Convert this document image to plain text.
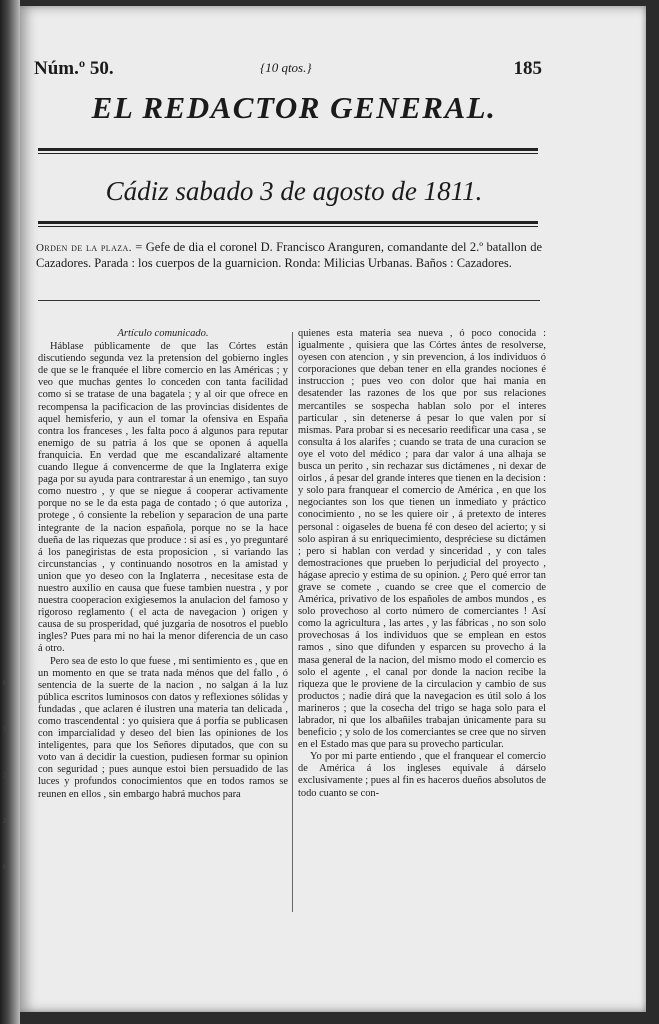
Núm.º 50.	{10 qtos.}	185
EL REDACTOR GENERAL.
Cádiz sabado 3 de agosto de 1811.
Orden de la plaza. = Gefe de dia el coronel D. Francisco Aranguren, comandante del 2.º batallon de Cazadores. Parada : los cuerpos de la guarnicion. Ronda: Milicias Urbanas. Baños : Cazadores.
Artículo comunicado.

Háblase públicamente de que las Córtes están discutiendo segunda vez la pretension del gobierno ingles de que se le franquée el libre comercio en las Américas ; y veo que muchas gentes lo conceden con tanta facilidad como si se tratase de una bagatela ; y al oir que ofrece en recompensa la pacificacion de las provincias disidentes de aquel hemisferio, y aun el tomar la ofensiva en España contra los franceses , les falta poco á algunos para reputar enemigo de su patria á los que se oponen á aquella franquicia. En verdad que me escandalizaré altamente cuando llegue á convencerme de que la Inglaterra exige paga por su ayuda para contrarestar á un enemigo , tan suyo como nuestro , y que se niegue á cooperar activamente porque no se le da esta paga de contado ; ó que autoriza , protege , ó consiente la rebelion y separacion de una parte integrante de la nacion española, porque no se la hace dueña de las riquezas que produce : si así es , yo preguntaré á los panegiristas de esta proposicion , si variando las circunstancias , y continuando nosotros en la amistad y union que yo deseo con la Inglaterra , necesitase esta de nuestro auxilio en causa que fuese tambien nuestra , y por nuestra cooperacion exigiesemos la anulacion del famoso y rigoroso reglamento ( el acta de navegacion ) origen y causa de su prosperidad, qué juzgaria de nosotros el pueblo ingles? Pues para mi no hai la menor diferencia de un caso á otro.

Pero sea de esto lo que fuese , mi sentimiento es , que en un momento en que se trata nada ménos que del fallo , ó sentencia de la suerte de la nacion , no salgan á la luz pública escritos luminosos con datos y reflexiones sólidas y fundadas , que aclaren é ilustren una materia tan delicada , como trascendental : yo quisiera que á porfía se publicasen con imparcialidad y deseo del bien las opiniones de los inteligentes, para que los Señores diputados, que con su voto van á decidir la cuestion, pudiesen formar su opinion con seguridad ; pues aunque estoi bien persuadido de las luces y profundos conocimientos que en todos ramos se reunen en ellos , sin embargo habrá muchos para

quienes esta materia sea nueva , ó poco conocida : igualmente , quisiera que las Córtes ántes de resolverse, oyesen con atencion , y sin prevencion, á los individuos ó corporaciones que deban tener en ella grandes nociones é instruccion ; pues veo con dolor que hai mania en desatender las razones de los que por sus relaciones mercantiles se sospecha hablan solo por el interes particular , sin detenerse á pesar lo que valen por sí mismas. Para probar si es necesario reedificar una casa , se consulta á los alarifes ; cuando se trata de una curacion se oye el voto del médico ; para dar valor á una alhaja se busca un perito , sin rechazar sus dictámenes , ni dexar de oirlos , á pesar del grande interes que tienen en la decision : y solo para franquear el comercio de América , en que los negociantes son los que tienen un inmediato y práctico conocimiento , no se les quiere oir , á pretexto de interes personal : oigaseles de buena fé con deseo del acierto; y si solo aspiran á su enriquecimiento, despréciese su dictámen ; pero si hablan con verdad y sinceridad , y con tales demostraciones que prueben lo perjudicial del proyecto , hágase aprecio y estima de su opinion. ¿ Pero qué error tan grave se comete , cuando se cree que el comercio de América, privativo de los españoles de ambos mundos , es solo provechoso al corto número de comerciantes ! Así como la agricultura , las artes , y las fábricas , no son solo provechosas á los individuos que se emplean en estos ramos , sino que difunden y esparcen su provecho á la masa general de la nacion, del mismo modo el comercio es solo el agente , el canal por donde la nacion recibe la riqueza que le proviene de la circulacion y cambio de sus productos ; nadie dirá que la navegacion es útil solo á los marineros ; que la cosecha del trigo se haga solo para el labrador, ni que los albañiles trabajan únicamente para su beneficio ; y solo de los comerciantes se cree que no sirven en el Estado mas que para su provecho particular.

Yo por mi parte entiendo , que el franquear el comercio de América á los ingleses equivale á dárselo exclusivamente ; pues al fin es haceros dueños absolutos de todo cuanto se con-

e
s
x
z
e
